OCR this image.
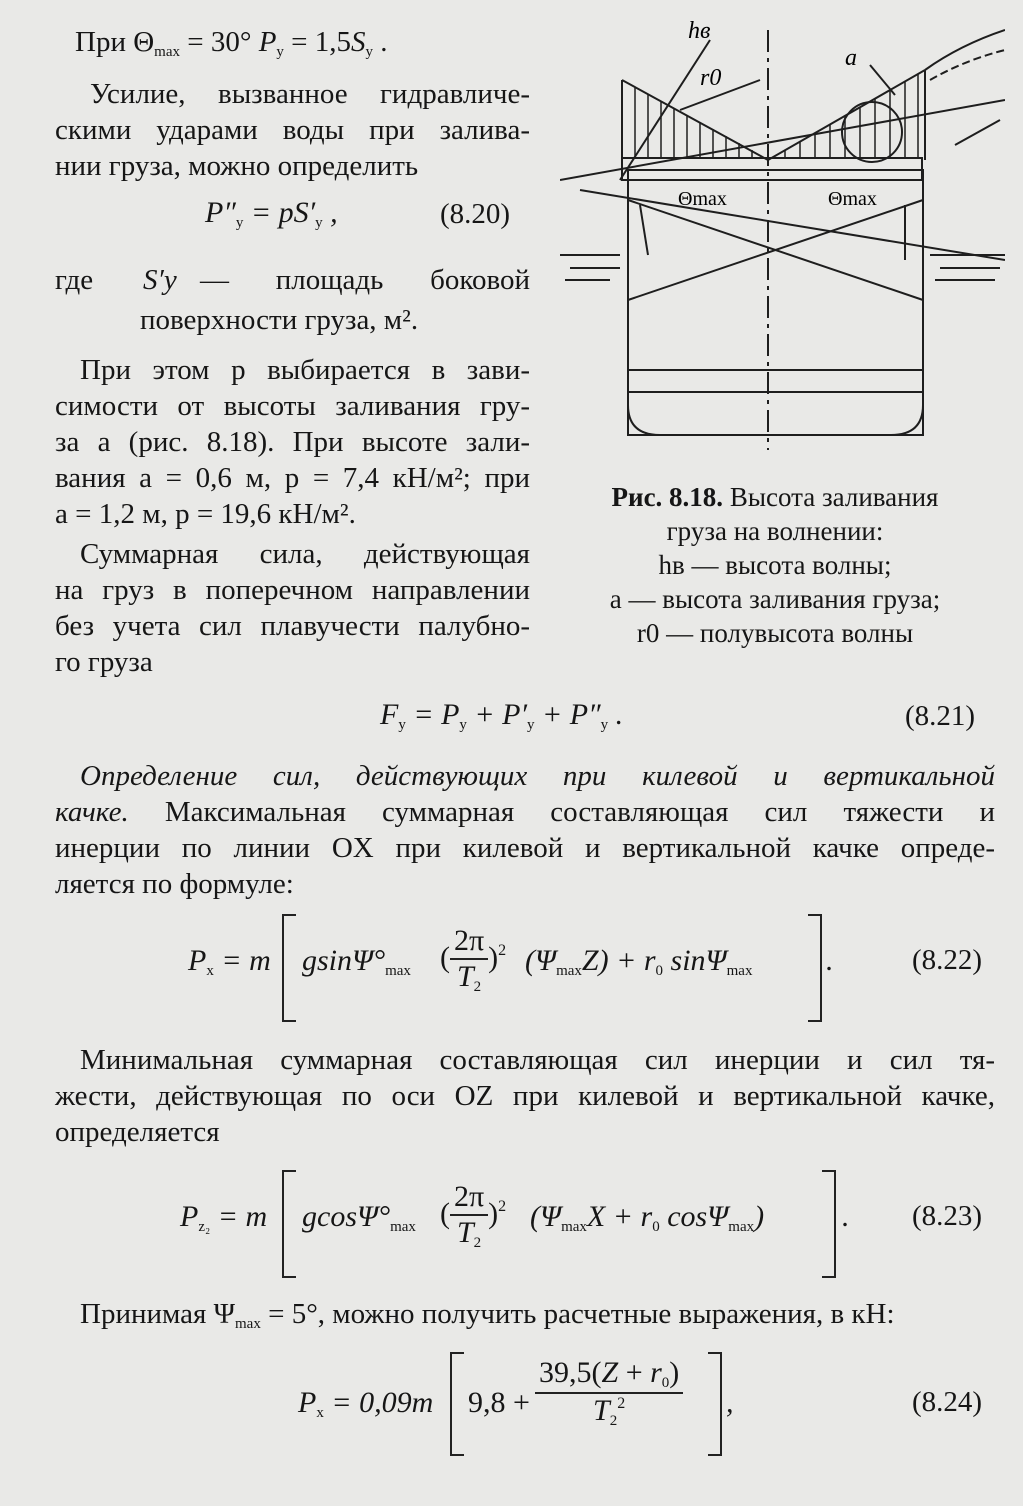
При $\Theta_{max} = 30^\circ$ $P_у = 1,5S_у$ .
Усилие, вызванное гидравличе-
скими ударами воды при залива-
нии груза, можно определить
$P''_y = pS'_y$ ,	(8.20)
где S′y — площадь боковой
поверхности груза, м².
При этом p выбирается в зави-
симости от высоты заливания гру-
за a (рис. 8.18). При высоте зали-
вания a = 0,6 м, p = 7,4 кН/м²; при
a = 1,2 м, p = 19,6 кН/м².
Суммарная сила, действующая
на груз в поперечном направлении
без учета сил плавучести палубно-
го груза
hв
r0
a
Θmax	Θmax
Рис. 8.18. Высота заливания
груза на волнении:
hв — высота волны;
a — высота заливания груза;
r0 — полувысота волны
$F_y = P_y + P'_y + P''_y$ .	(8.21)
Определение сил, действующих при килевой и вертикальной
качке. Максимальная суммарная составляющая сил тяжести и
инерции по линии OX при килевой и вертикальной качке опреде-
ляется по формуле:
$P_x = m$ $gsin\Psi^\circ_{max}$ ( $\frac{2\pi}{T_2} )^2$ $(\Psi_{max}Z) + r_0$ sinΨ$_{max}$ .	(8.22)
Минимальная суммарная составляющая сил инерции и сил тя-
жести, действующая по оси OZ при килевой и вертикальной качке,
определяется
$P_{z_2} = m$ $gcos\Psi^\circ_{max}$ ( $\frac{2\pi}{T_2} )^2$ ($\Psi_{max}X + r_0$ cosΨ$_{max}$)	. (8.23)
Принимая $\Psi_{max} = 5^\circ$, можно получить расчетные выражения, в кН:
$P_x = 0,09m$ $9,8 + \frac{39,5(Z + r_0)}{T_2^2}$ ,	(8.24)
